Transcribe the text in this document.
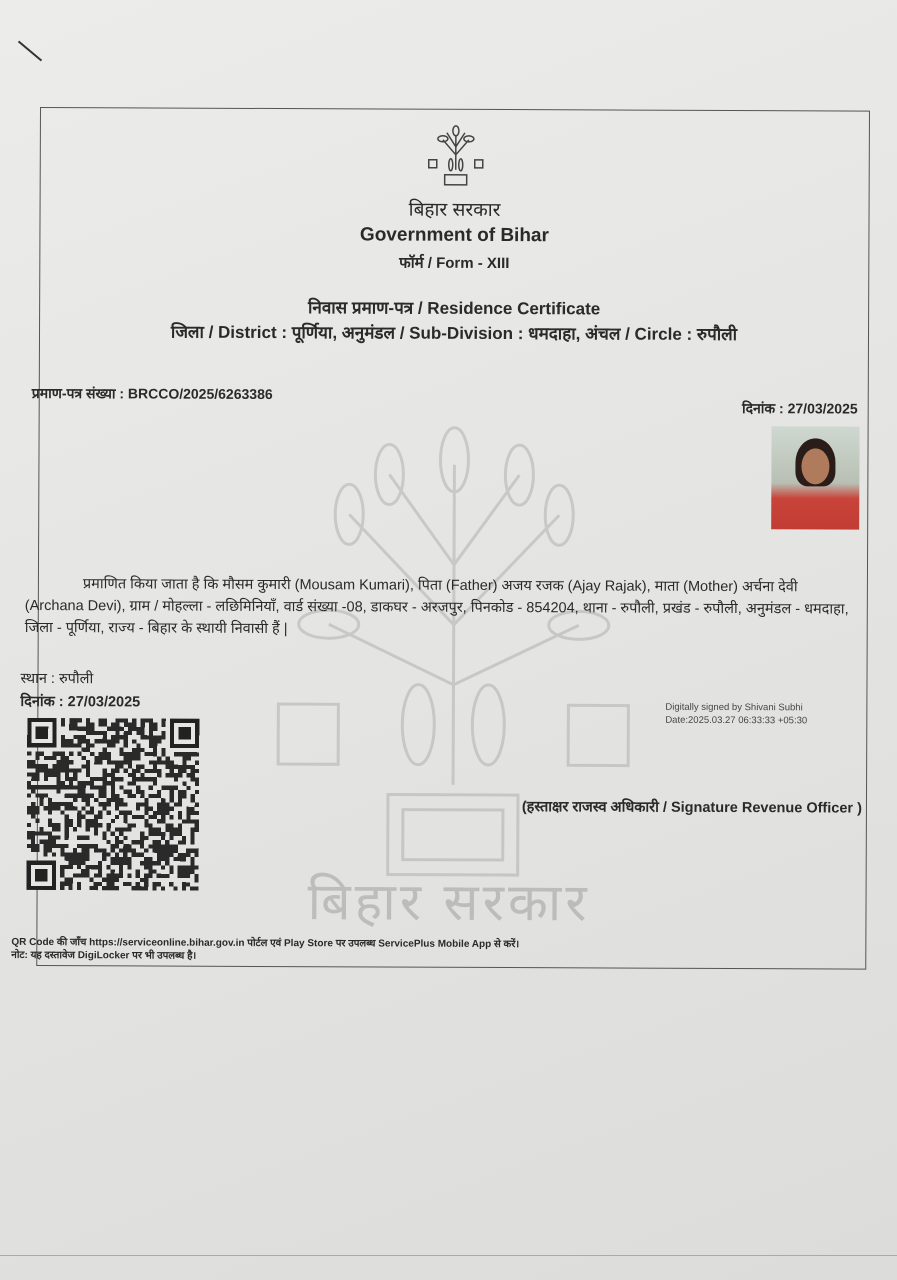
बिहार सरकार
Government of Bihar
फॉर्म / Form - XIII
निवास प्रमाण-पत्र / Residence Certificate
जिला / District : पूर्णिया, अनुमंडल / Sub-Division : धमदाहा, अंचल / Circle : रुपौली
बिहार सरकार
प्रमाण-पत्र संख्या : BRCCO/2025/6263386
दिनांक : 27/03/2025

प्रमाणित किया जाता है कि मौसम कुमारी (Mousam Kumari), पिता (Father) अजय रजक (Ajay Rajak), माता (Mother) अर्चना देवी (Archana Devi), ग्राम / मोहल्ला - लछिमिनियाँ, वार्ड संख्या -08, डाकघर - अरजपुर, पिनकोड - 854204, थाना - रुपौली, प्रखंड - रुपौली, अनुमंडल - धमदाहा, जिला - पूर्णिया, राज्य - बिहार के स्थायी निवासी हैं |

स्थान : रुपौली
दिनांक : 27/03/2025	Digitally signed by Shivani Subhi
Date:2025.03.27 06:33:33 +05:30
(हस्ताक्षर राजस्व अधिकारी / Signature Revenue Officer )
QR Code की जाँच https://serviceonline.bihar.gov.in पोर्टल एवं Play Store पर उपलब्ध ServicePlus Mobile App से करें।
नोट: यह दस्तावेज DigiLocker पर भी उपलब्ध है।
